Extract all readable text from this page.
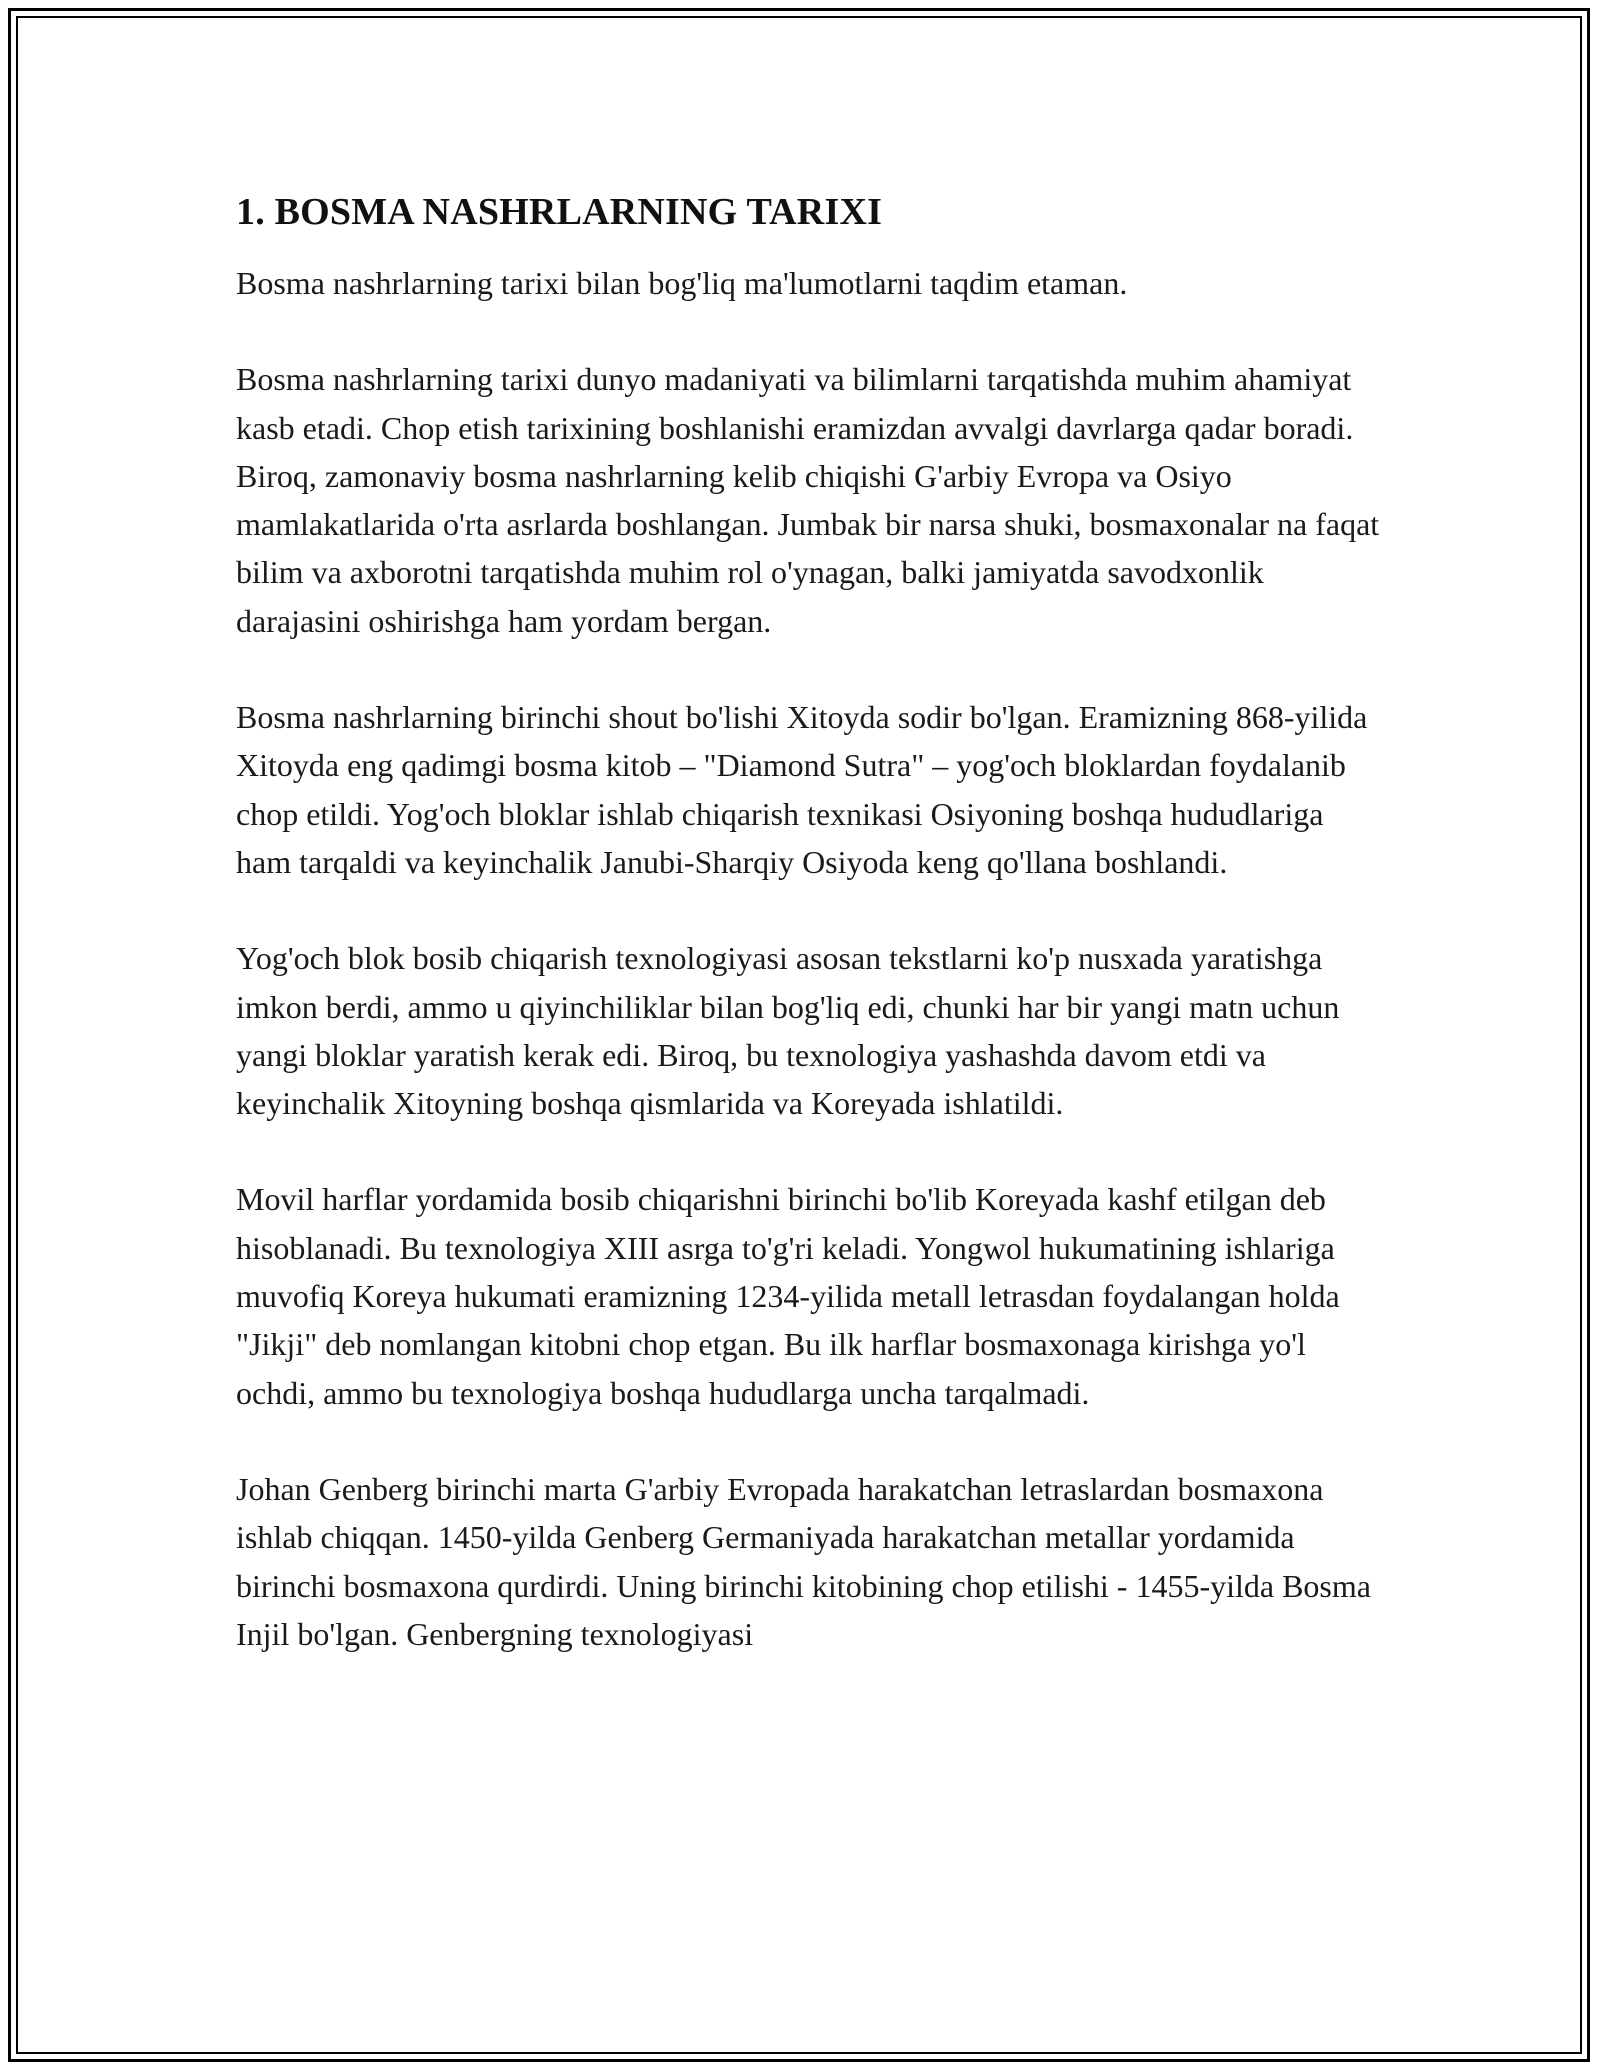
1. BOSMA NASHRLARNING TARIXI

Bosma nashrlarning tarixi bilan bog'liq ma'lumotlarni taqdim etaman.

Bosma nashrlarning tarixi dunyo madaniyati va bilimlarni tarqatishda muhim ahamiyat kasb etadi. Chop etish tarixining boshlanishi eramizdan avvalgi davrlarga qadar boradi. Biroq, zamonaviy bosma nashrlarning kelib chiqishi G'arbiy Evropa va Osiyo mamlakatlarida o'rta asrlarda boshlangan. Jumbak bir narsa shuki, bosmaxonalar na faqat bilim va axborotni tarqatishda muhim rol o'ynagan, balki jamiyatda savodxonlik darajasini oshirishga ham yordam bergan.

Bosma nashrlarning birinchi shout bo'lishi Xitoyda sodir bo'lgan. Eramizning 868-yilida Xitoyda eng qadimgi bosma kitob – "Diamond Sutra" – yog'och bloklardan foydalanib chop etildi. Yog'och bloklar ishlab chiqarish texnikasi Osiyoning boshqa hududlariga ham tarqaldi va keyinchalik Janubi-Sharqiy Osiyoda keng qo'llana boshlandi.

Yog'och blok bosib chiqarish texnologiyasi asosan tekstlarni ko'p nusxada yaratishga imkon berdi, ammo u qiyinchiliklar bilan bog'liq edi, chunki har bir yangi matn uchun yangi bloklar yaratish kerak edi. Biroq, bu texnologiya yashashda davom etdi va keyinchalik Xitoyning boshqa qismlarida va Koreyada ishlatildi.

Movil harflar yordamida bosib chiqarishni birinchi bo'lib Koreyada kashf etilgan deb hisoblanadi. Bu texnologiya XIII asrga to'g'ri keladi. Yongwol hukumatining ishlariga muvofiq Koreya hukumati eramizning 1234-yilida metall letrasdan foydalangan holda "Jikji" deb nomlangan kitobni chop etgan. Bu ilk harflar bosmaxonaga kirishga yo'l ochdi, ammo bu texnologiya boshqa hududlarga uncha tarqalmadi.

Johan Genberg birinchi marta G'arbiy Evropada harakatchan letraslardan bosmaxona ishlab chiqqan. 1450-yilda Genberg Germaniyada harakatchan metallar yordamida birinchi bosmaxona qurdirdi. Uning birinchi kitobining chop etilishi - 1455-yilda Bosma Injil bo'lgan. Genbergning texnologiyasi
